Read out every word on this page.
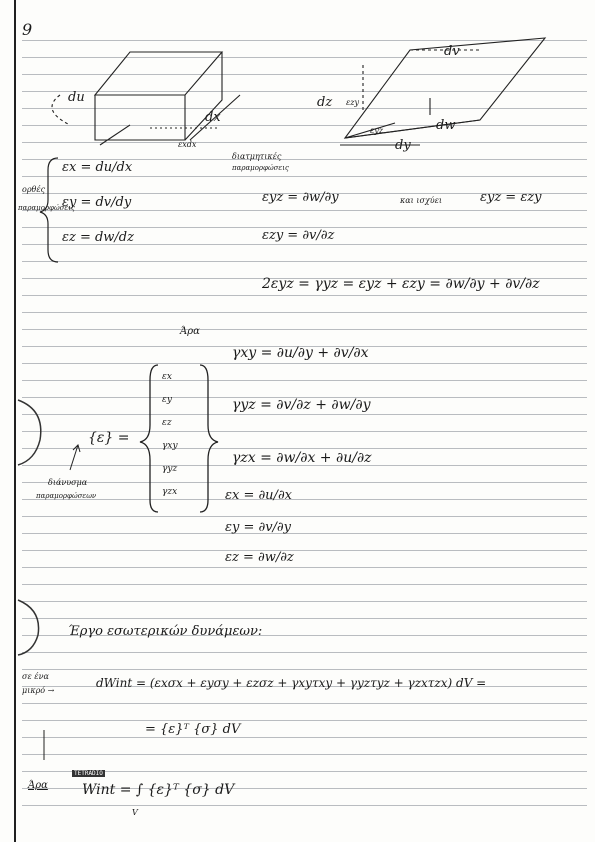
9
du
dx
εxdx
dv
dz εzy
εyz	dw
dy
ορθές
παραμορφώσεις
εx = du/dx
εy = dv/dy
εz = dw/dz
διατμητικές
παραμορφώσεις
εyz = ∂w/∂y	και ισχύει	εyz = εzy
εzy = ∂v/∂z
2εyz = γyz = εyz + εzy = ∂w/∂y + ∂v/∂z
Άρα
γxy = ∂u/∂y + ∂v/∂x
γyz = ∂v/∂z + ∂w/∂y
γzx = ∂w/∂x + ∂u/∂z
εx = ∂u/∂x
εy = ∂v/∂y
εz = ∂w/∂z
{ε} =
εx
εy
εz
γxy
γyz
γzx
διάνυσμα
παραμορφώσεων
Έργο εσωτερικών δυνάμεων:
σε ένα
μικρό →
dWint = (εxσx + εyσy + εzσz + γxyτxy + γyzτyz + γzxτzx) dV =
= {ε}ᵀ {σ} dV
Άρα
TETRADIO
Wint = ∫ {ε}ᵀ {σ} dV
V
